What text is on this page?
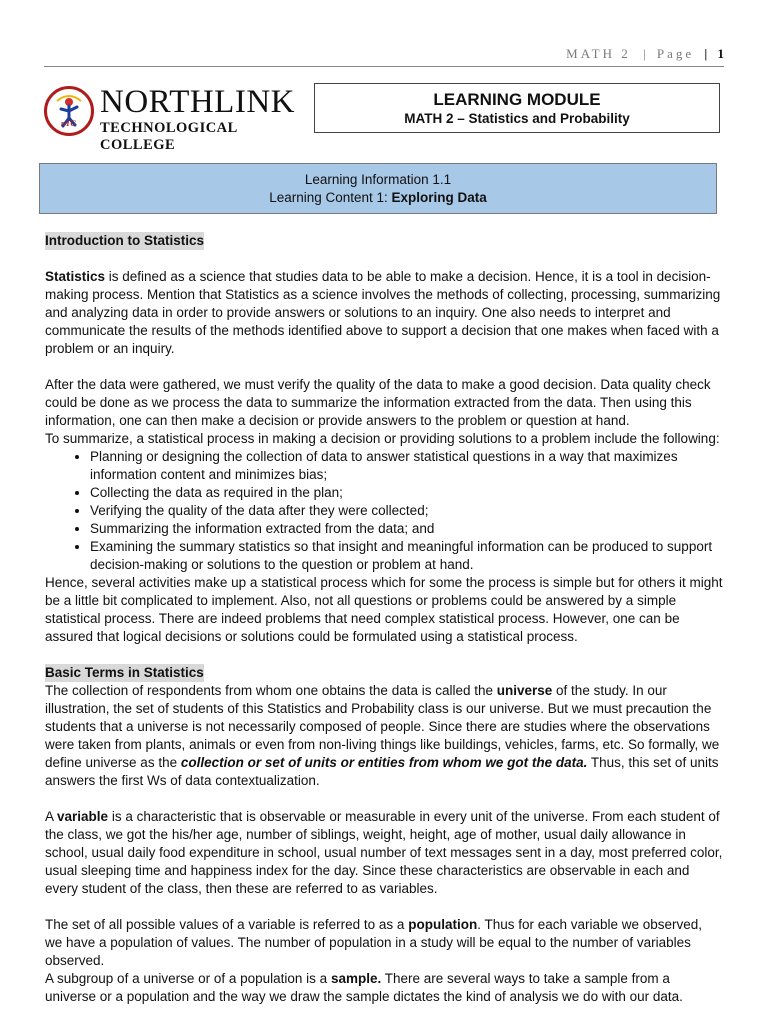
MATH 2 | Page | 1
nTC
NORTHLINK
TECHNOLOGICAL COLLEGE
LEARNING MODULE
MATH 2 – Statistics and Probability
Learning Information 1.1
Learning Content 1: Exploring Data

Introduction to Statistics

Statistics is defined as a science that studies data to be able to make a decision. Hence, it is a tool in decision-making process. Mention that Statistics as a science involves the methods of collecting, processing, summarizing and analyzing data in order to provide answers or solutions to an inquiry. One also needs to interpret and communicate the results of the methods identified above to support a decision that one makes when faced with a problem or an inquiry.

After the data were gathered, we must verify the quality of the data to make a good decision. Data quality check could be done as we process the data to summarize the information extracted from the data. Then using this information, one can then make a decision or provide answers to the problem or question at hand.

To summarize, a statistical process in making a decision or providing solutions to a problem include the following:

• Planning or designing the collection of data to answer statistical questions in a way that maximizes information content and minimizes bias;
• Collecting the data as required in the plan;
• Verifying the quality of the data after they were collected;
• Summarizing the information extracted from the data; and
• Examining the summary statistics so that insight and meaningful information can be produced to support decision-making or solutions to the question or problem at hand.

Hence, several activities make up a statistical process which for some the process is simple but for others it might be a little bit complicated to implement. Also, not all questions or problems could be answered by a simple statistical process. There are indeed problems that need complex statistical process. However, one can be assured that logical decisions or solutions could be formulated using a statistical process.

Basic Terms in Statistics

The collection of respondents from whom one obtains the data is called the universe of the study. In our illustration, the set of students of this Statistics and Probability class is our universe. But we must precaution the students that a universe is not necessarily composed of people. Since there are studies where the observations were taken from plants, animals or even from non-living things like buildings, vehicles, farms, etc. So formally, we define universe as the collection or set of units or entities from whom we got the data. Thus, this set of units answers the first Ws of data contextualization.

A variable is a characteristic that is observable or measurable in every unit of the universe. From each student of the class, we got the his/her age, number of siblings, weight, height, age of mother, usual daily allowance in school, usual daily food expenditure in school, usual number of text messages sent in a day, most preferred color, usual sleeping time and happiness index for the day. Since these characteristics are observable in each and every student of the class, then these are referred to as variables.

The set of all possible values of a variable is referred to as a population. Thus for each variable we observed, we have a population of values. The number of population in a study will be equal to the number of variables observed.

A subgroup of a universe or of a population is a sample. There are several ways to take a sample from a universe or a population and the way we draw the sample dictates the kind of analysis we do with our data.
